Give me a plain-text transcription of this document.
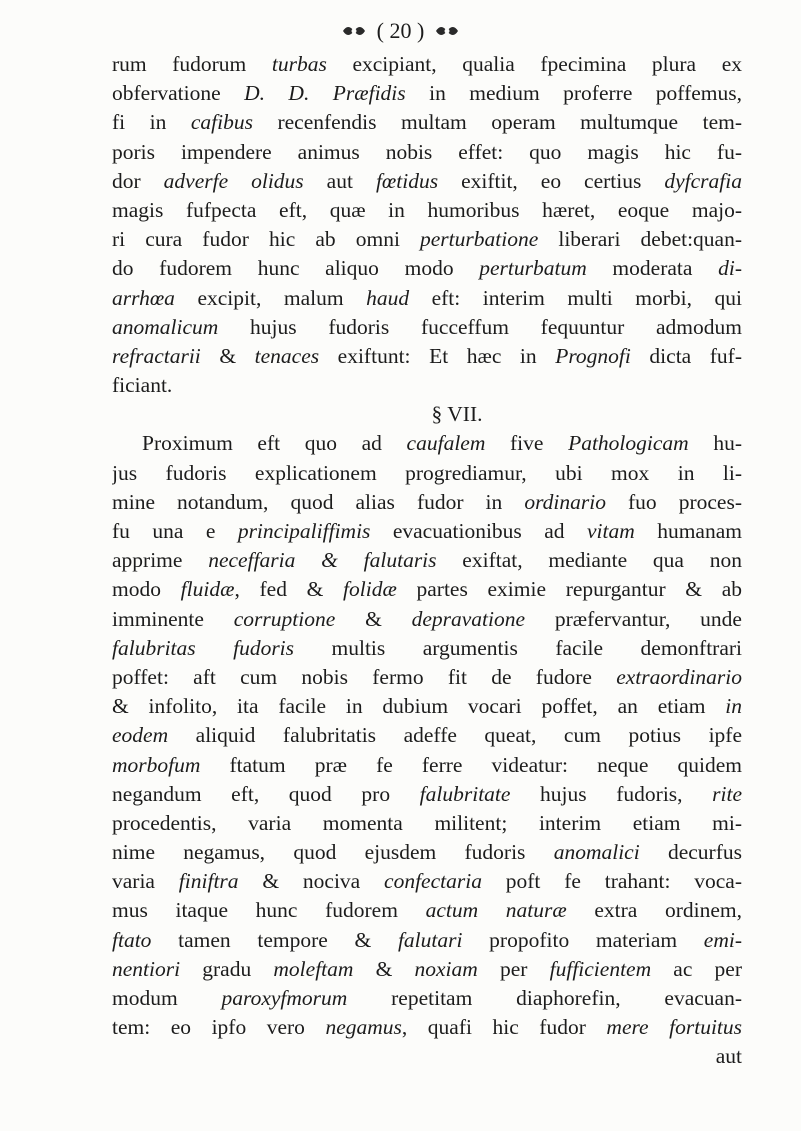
( 20 )
rum fudorum turbas excipiant, qualia fpecimina plura ex
obfervatione D. D. Præfidis in medium proferre poffemus,
fi in cafibus recenfendis multam operam multumque tem-
poris impendere animus nobis effet: quo magis hic fu-
dor adverfe olidus aut fœtidus exiftit, eo certius dyfcrafia
magis fufpecta eft, quæ in humoribus hæret, eoque majo-
ri cura fudor hic ab omni perturbatione liberari debet:quan-
do fudorem hunc aliquo modo perturbatum moderata di-
arrhœa excipit, malum haud eft: interim multi morbi, qui
anomalicum hujus fudoris fucceffum fequuntur admodum
refractarii & tenaces exiftunt: Et hæc in Prognofi dicta fuf-
ficiant.
§ VII.
Proximum eft quo ad caufalem five Pathologicam hu-
jus fudoris explicationem progrediamur, ubi mox in li-
mine notandum, quod alias fudor in ordinario fuo proces-
fu una e principaliffimis evacuationibus ad vitam humanam
apprime neceffaria & falutaris exiftat, mediante qua non
modo fluidæ, fed & folidæ partes eximie repurgantur & ab
imminente corruptione & depravatione præfervantur, unde
falubritas fudoris multis argumentis facile demonftrari
poffet: aft cum nobis fermo fit de fudore extraordinario
& infolito, ita facile in dubium vocari poffet, an etiam in
eodem aliquid falubritatis adeffe queat, cum potius ipfe
morbofum ftatum præ fe ferre videatur: neque quidem
negandum eft, quod pro falubritate hujus fudoris, rite
procedentis, varia momenta militent; interim etiam mi-
nime negamus, quod ejusdem fudoris anomalici decurfus
varia finiftra & nociva confectaria poft fe trahant: voca-
mus itaque hunc fudorem actum naturæ extra ordinem,
ftato tamen tempore & falutari propofito materiam emi-
nentiori gradu moleftam & noxiam per fufficientem ac per
modum paroxyfmorum repetitam diaphorefin, evacuan-
tem: eo ipfo vero negamus, quafi hic fudor mere fortuitus
aut
